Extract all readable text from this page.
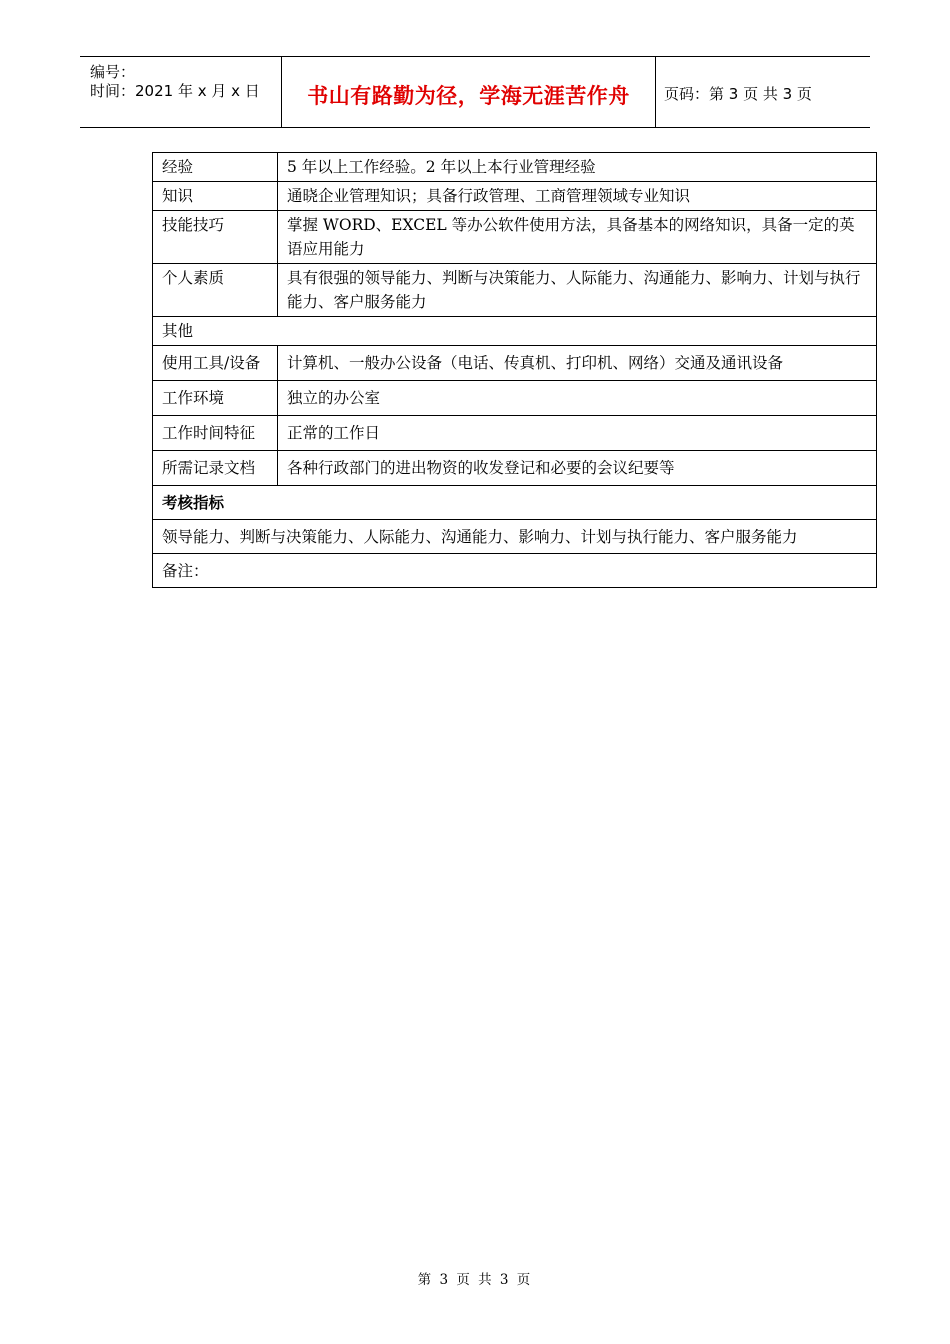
编号：
时间：2021 年 x 月 x 日	书山有路勤为径，学海无涯苦作舟	页码：第 3 页 共 3 页
经验	5 年以上工作经验。2 年以上本行业管理经验
知识	通晓企业管理知识；具备行政管理、工商管理领域专业知识
技能技巧	掌握 WORD、EXCEL 等办公软件使用方法，具备基本的网络知识，具备一定的英语应用能力
个人素质	具有很强的领导能力、判断与决策能力、人际能力、沟通能力、影响力、计划与执行能力、客户服务能力
其他	
使用工具/设备	计算机、一般办公设备（电话、传真机、打印机、网络）交通及通讯设备
工作环境	独立的办公室
工作时间特征	正常的工作日
所需记录文档	各种行政部门的进出物资的收发登记和必要的会议纪要等
考核指标	
领导能力、判断与决策能力、人际能力、沟通能力、影响力、计划与执行能力、客户服务能力	
备注：	
第 3 页 共 3 页
